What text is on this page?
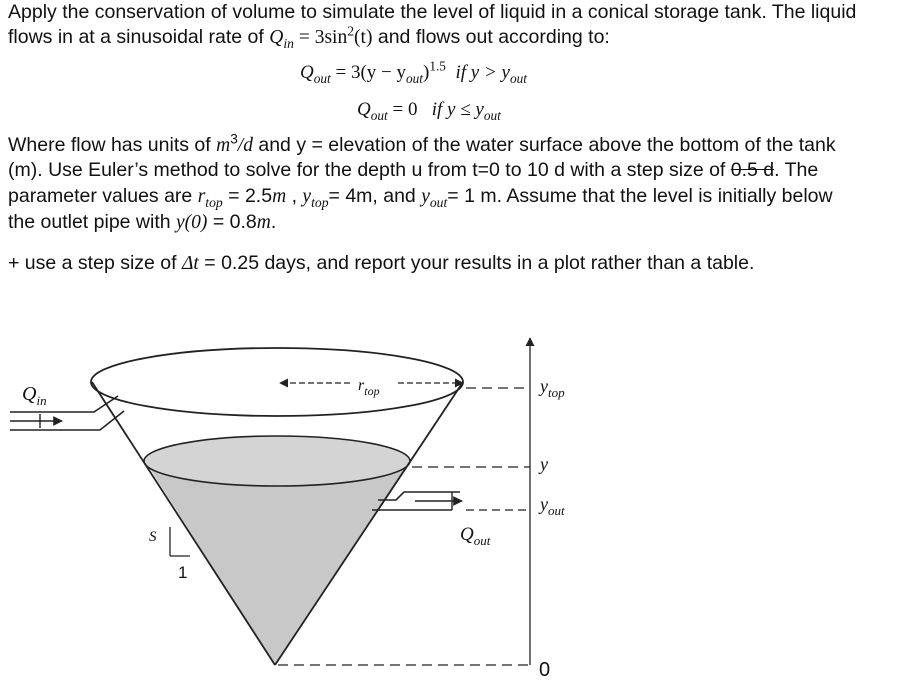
Apply the conservation of volume to simulate the level of liquid in a conical storage tank. The liquid
flows in at a sinusoidal rate of $Q_{in} = 3\sin^2(t)$ and flows out according to:
$Q_{out} = 3(y - y_{out})^{1.5}$ if $y > y_{out}$
$Q_{out} = 0$ if $y \le y_{out}$
Where flow has units of $m^3/d$ and y = elevation of the water surface above the bottom of the tank
(m). Use Euler’s method to solve for the depth u from t=0 to 10 d with a step size of 0.5 d. The
parameter values are $r_{top} = 2.5m$ , $y_{top}= 4m$, and $y_{out}= 1$ m. Assume that the level is initially below
the outlet pipe with y(0) = 0.8m.
+ use a step size of Δt = 0.25 days, and report your results in a plot rather than a table.
$Q_{in}$
$r_{top}$	$y_{top}$
y
$y_{out}$
$Q_{out}$
S
1
0
